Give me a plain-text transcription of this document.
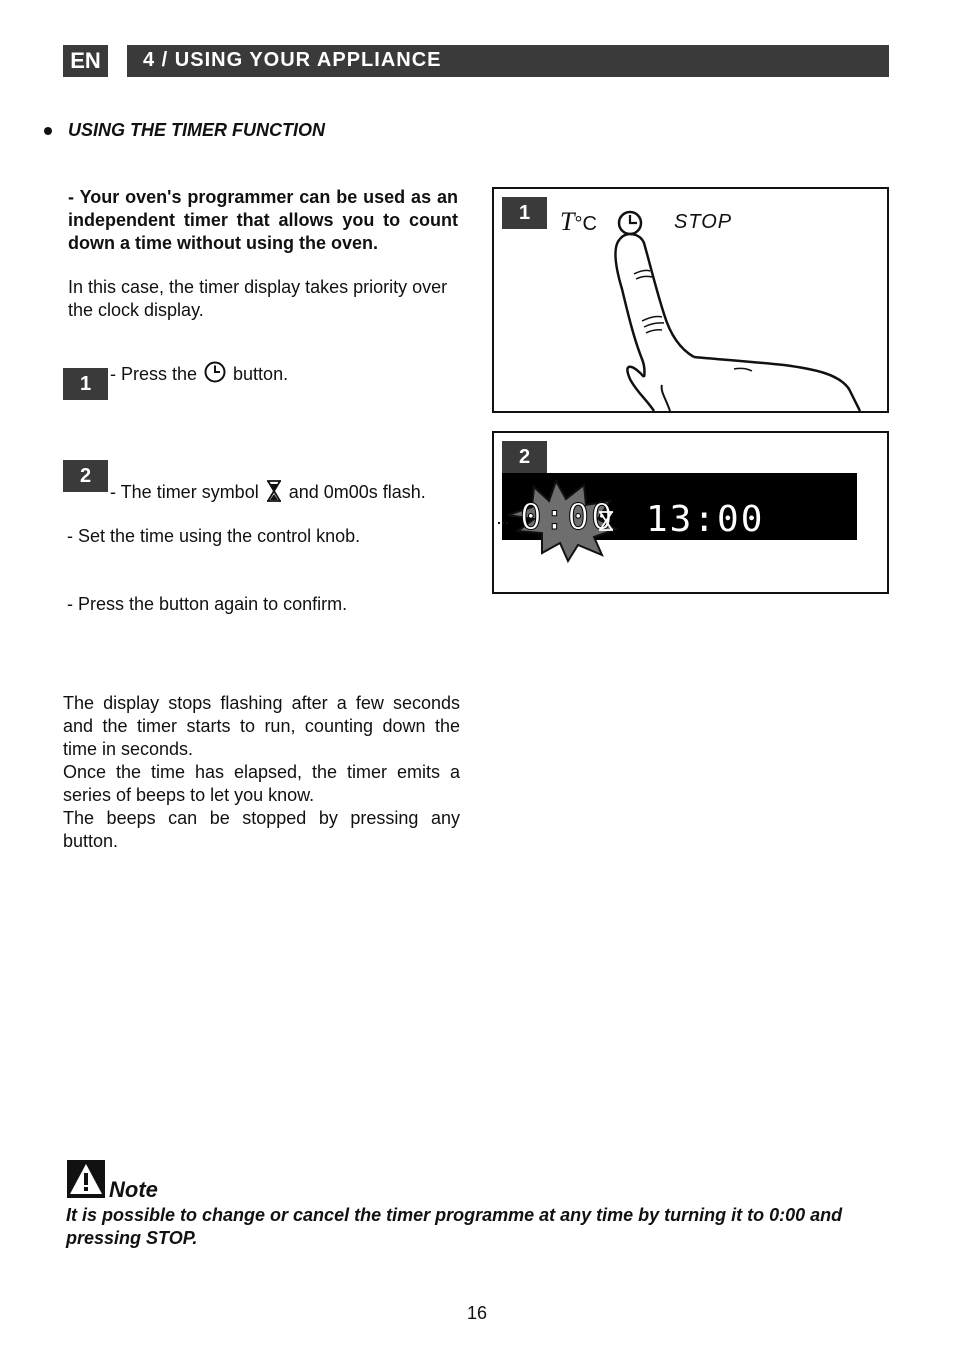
EN	4 / USING YOUR APPLIANCE
USING THE TIMER FUNCTION
- Your oven's programmer can be used as an independent timer that allows you to count down a time without using the oven.
In this case, the timer display takes priority over the clock display.
1	- Press the button.
2
- The timer symbol and 0m00s flash.
- Set the time using the control knob.
- Press the button again to confirm.
The display stops flashing after a few seconds and the timer starts to run, counting down the time in seconds.
Once the time has elapsed, the timer emits a series of beeps to let you know.
The beeps can be stopped by pressing any button.
1	T°C	STOP
2
0:00 13:00
Note
It is possible to change or cancel the timer programme at any time by turning it to 0:00 and pressing STOP.
16
